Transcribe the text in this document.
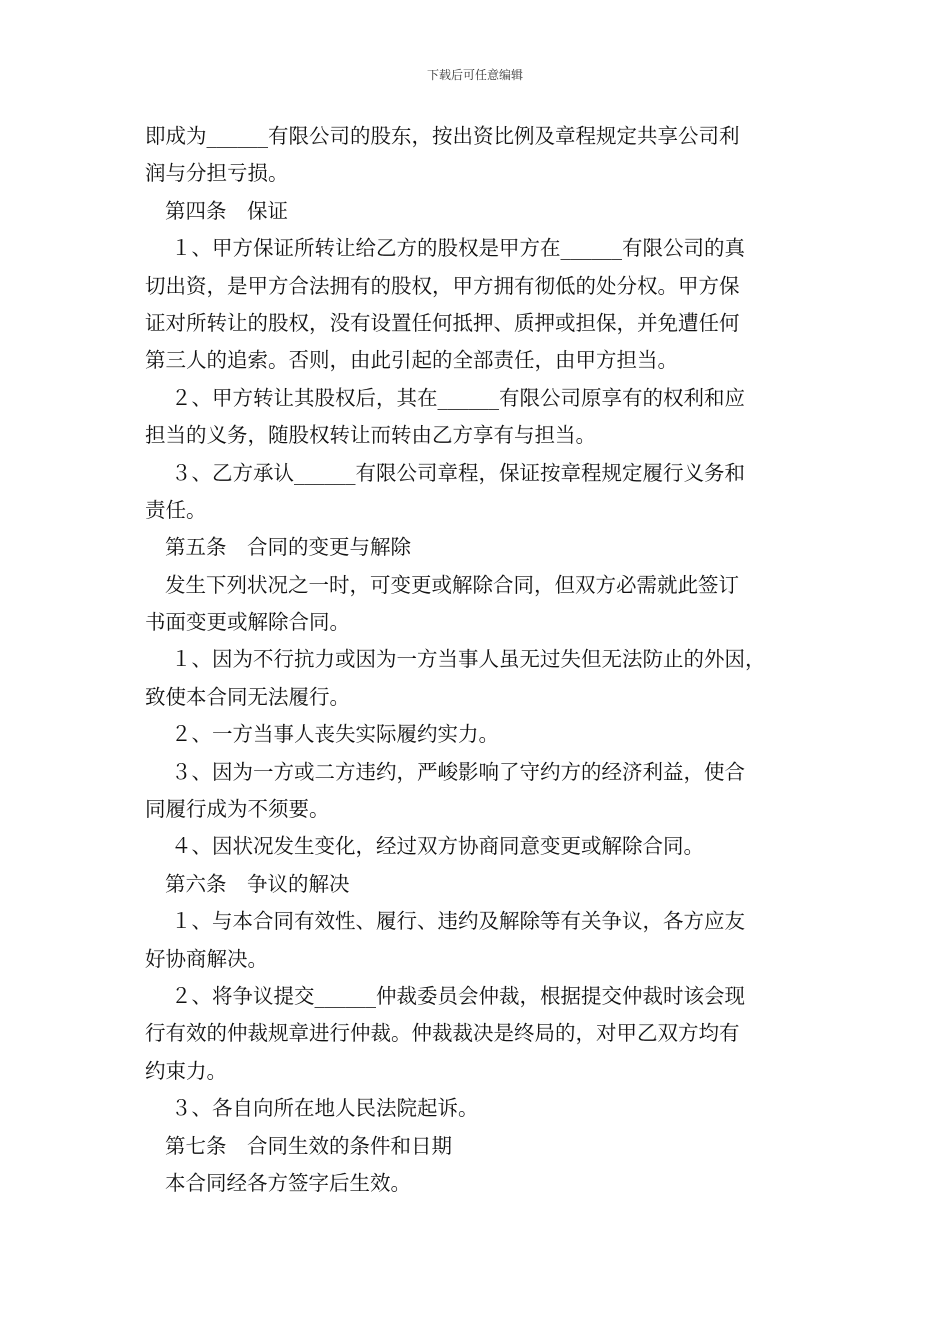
下载后可任意编辑
即成为______有限公司的股东，按出资比例及章程规定共享公司利
润与分担亏损。
第四条　保证
１、甲方保证所转让给乙方的股权是甲方在______有限公司的真
切出资，是甲方合法拥有的股权，甲方拥有彻低的处分权。甲方保
证对所转让的股权，没有设置任何抵押、质押或担保，并免遭任何
第三人的追索。否则，由此引起的全部责任，由甲方担当。
２、甲方转让其股权后，其在______有限公司原享有的权利和应
担当的义务，随股权转让而转由乙方享有与担当。
３、乙方承认______有限公司章程，保证按章程规定履行义务和
责任。
第五条　合同的变更与解除
发生下列状况之一时，可变更或解除合同，但双方必需就此签订
书面变更或解除合同。
１、因为不行抗力或因为一方当事人虽无过失但无法防止的外因，
致使本合同无法履行。
２、一方当事人丧失实际履约实力。
３、因为一方或二方违约，严峻影响了守约方的经济利益，使合
同履行成为不须要。
４、因状况发生变化，经过双方协商同意变更或解除合同。
第六条　争议的解决
１、与本合同有效性、履行、违约及解除等有关争议，各方应友
好协商解决。
２、将争议提交______仲裁委员会仲裁，根据提交仲裁时该会现
行有效的仲裁规章进行仲裁。仲裁裁决是终局的，对甲乙双方均有
约束力。
３、各自向所在地人民法院起诉。
第七条　合同生效的条件和日期
本合同经各方签字后生效。
